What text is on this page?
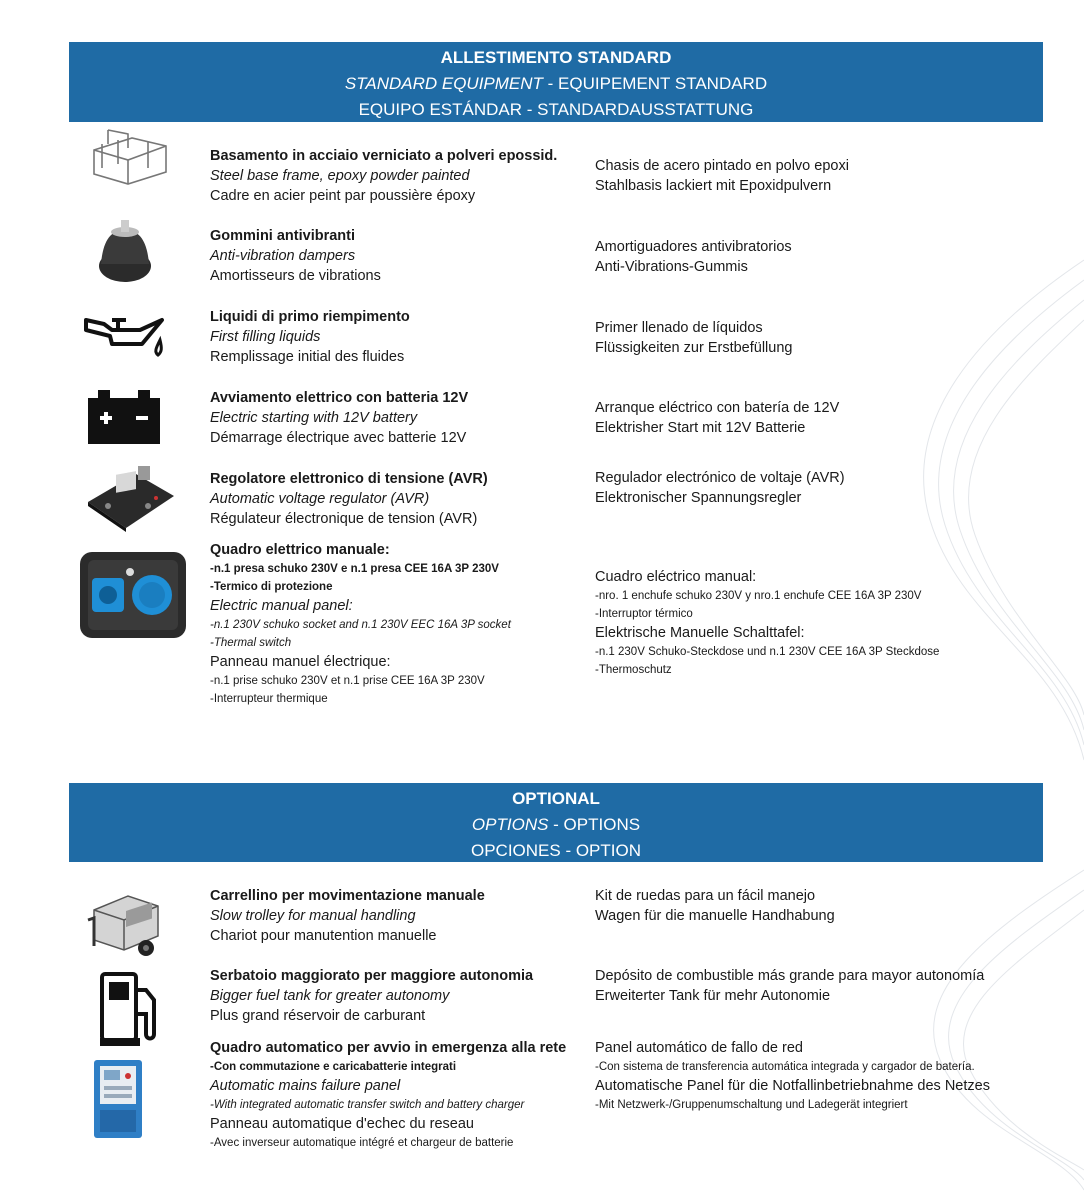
ALLESTIMENTO STANDARD
STANDARD EQUIPMENT - EQUIPEMENT STANDARD
EQUIPO ESTÁNDAR - STANDARDAUSSTATTUNG
Basamento in acciaio verniciato a polveri epossid.
Steel base frame, epoxy powder painted
Cadre en acier peint par poussière époxy
Chasis de acero pintado en polvo epoxi
Stahlbasis lackiert mit Epoxidpulvern
Gommini antivibranti
Anti-vibration dampers
Amortisseurs de vibrations
Amortiguadores antivibratorios
Anti-Vibrations-Gummis
Liquidi di primo riempimento
First filling liquids
Remplissage initial des fluides
Primer llenado de líquidos
Flüssigkeiten zur Erstbefüllung
Avviamento elettrico con batteria 12V
Electric starting with 12V battery
Démarrage électrique avec batterie 12V
Arranque eléctrico con batería de 12V
Elektrisher Start mit 12V Batterie
Regolatore elettronico di tensione (AVR)
Automatic voltage regulator (AVR)
Régulateur électronique de tension (AVR)
Regulador electrónico de voltaje (AVR)
Elektronischer Spannungsregler
Quadro elettrico manuale:
-n.1 presa schuko 230V e n.1 presa CEE 16A 3P 230V
-Termico di protezione
Electric manual panel:
-n.1 230V schuko socket and n.1 230V EEC 16A 3P socket
-Thermal switch
Panneau manuel électrique:
-n.1 prise schuko 230V et n.1 prise CEE 16A 3P 230V
-Interrupteur thermique
Cuadro eléctrico manual:
-nro. 1 enchufe schuko 230V y nro.1 enchufe CEE 16A 3P 230V
-Interruptor térmico
Elektrische Manuelle Schalttafel:
-n.1 230V Schuko-Steckdose und n.1 230V CEE 16A 3P Steckdose
-Thermoschutz
OPTIONAL
OPTIONS - OPTIONS
OPCIONES - OPTION
Carrellino per movimentazione manuale
Slow trolley for manual handling
Chariot pour manutention manuelle
Kit de ruedas para un fácil manejo
Wagen für die manuelle Handhabung
Serbatoio maggiorato per maggiore autonomia
Bigger fuel tank for greater autonomy
Plus grand réservoir de carburant
Depósito de combustible más grande para mayor autonomía
Erweiterter Tank für mehr Autonomie
Quadro automatico per avvio in emergenza alla rete
-Con commutazione e caricabatterie integrati
Automatic mains failure panel
-With integrated automatic transfer switch and battery charger
Panneau automatique d'echec du reseau
-Avec inverseur automatique intégré et chargeur de batterie
Panel automático de fallo de red
-Con sistema de transferencia automática integrada y cargador de batería.
Automatische Panel für die Notfallinbetriebnahme des Netzes
-Mit Netzwerk-/Gruppenumschaltung und Ladegerät integriert
